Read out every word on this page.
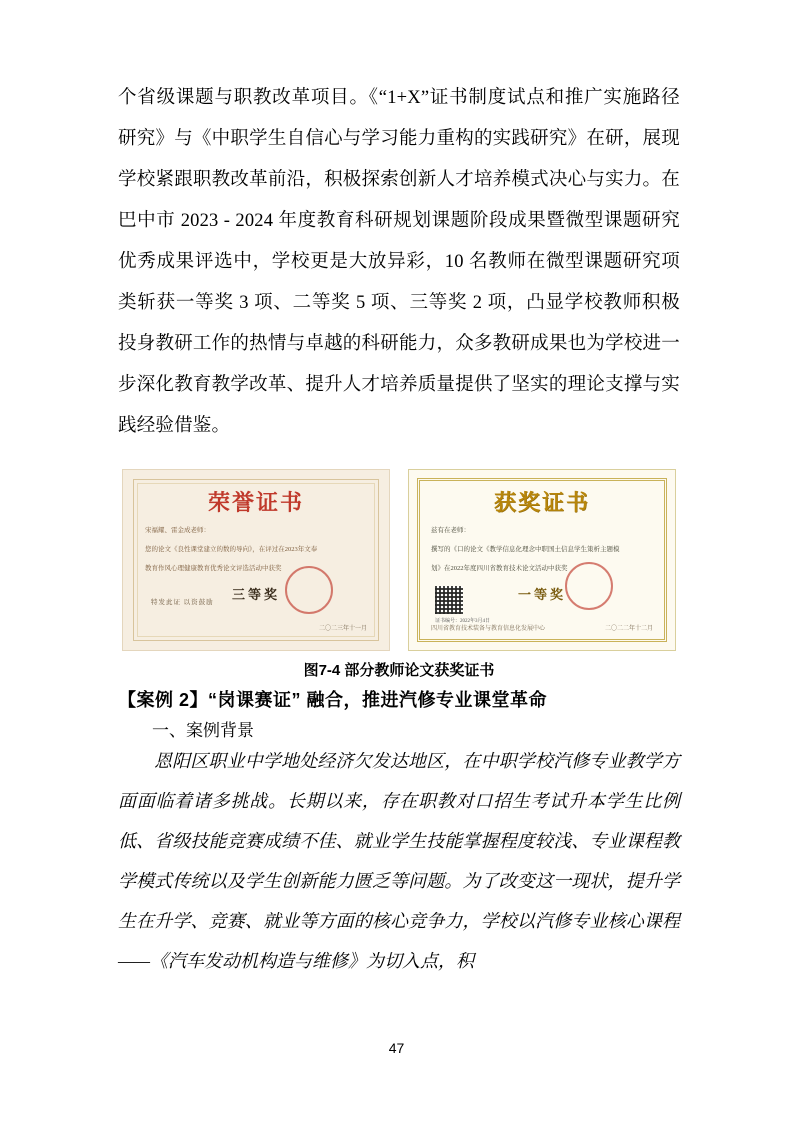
个省级课题与职教改革项目。《“1+X”证书制度试点和推广实施路径研究》与《中职学生自信心与学习能力重构的实践研究》在研，展现学校紧跟职教改革前沿，积极探索创新人才培养模式决心与实力。在巴中市 2023 - 2024 年度教育科研规划课题阶段成果暨微型课题研究优秀成果评选中，学校更是大放异彩，10 名教师在微型课题研究项类斩获一等奖 3 项、二等奖 5 项、三等奖 2 项，凸显学校教师积极投身教研工作的热情与卓越的科研能力，众多教研成果也为学校进一步深化教育教学改革、提升人才培养质量提供了坚实的理论支撑与实践经验借鉴。

荣誉证书
宋福耀、雷金成老师：
您的论文《良性课堂建立的数的导向》，在评过在2023年文奉
教育作风心理健康教育优秀论文评选活动中获奖
三等奖
特发此证 以资鼓励
二〇二三年十一月
获奖证书
兹有在老师：
撰写的《口的论文《教学信息化理念中职国土信息学生策析主题模
划》在2022年度四川省教育技术论文活动中获奖
一等奖
证书编号：2022年3月4日
四川省教育技术装备与教育信息化发展中心	二〇二二年十二月
图7-4 部分教师论文获奖证书
【案例 2】“岗课赛证” 融合，推进汽修专业课堂革命
一、案例背景

恩阳区职业中学地处经济欠发达地区，在中职学校汽修专业教学方面面临着诸多挑战。长期以来，存在职教对口招生考试升本学生比例低、省级技能竞赛成绩不佳、就业学生技能掌握程度较浅、专业课程教学模式传统以及学生创新能力匮乏等问题。为了改变这一现状，提升学生在升学、竞赛、就业等方面的核心竞争力，学校以汽修专业核心课程 ——《汽车发动机构造与维修》为切入点，积

47
